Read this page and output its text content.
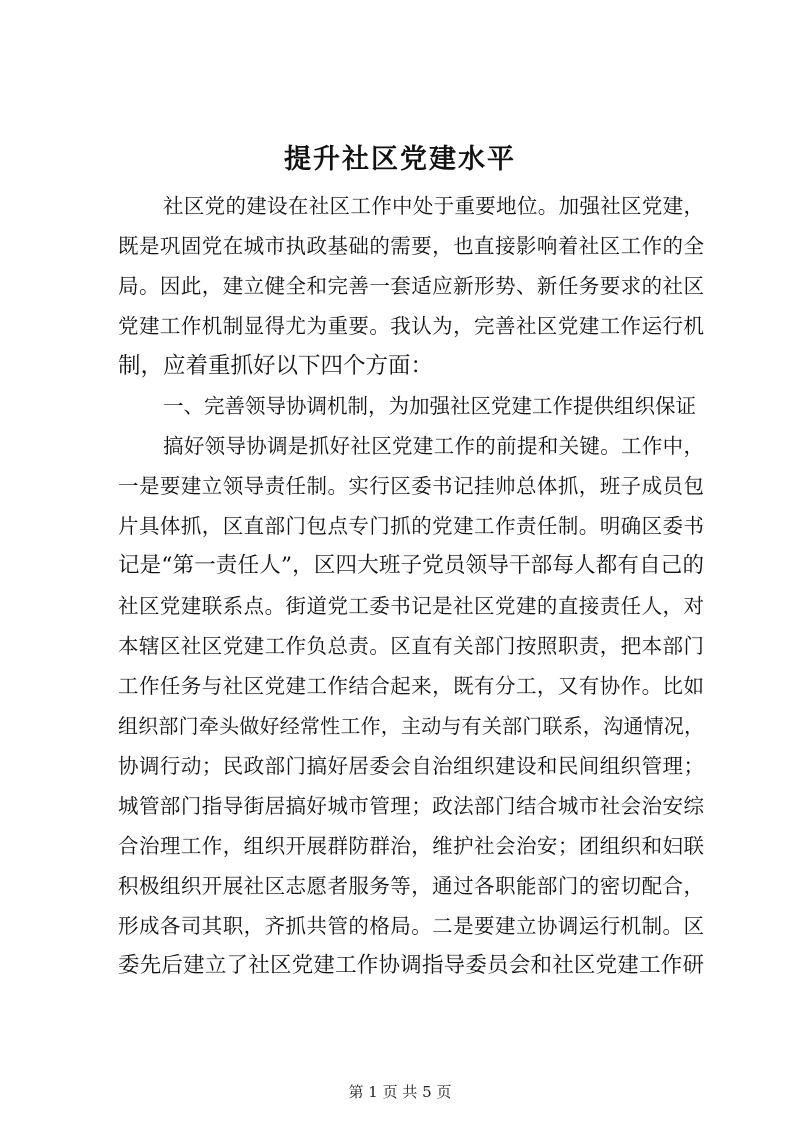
提升社区党建水平
社区党的建设在社区工作中处于重要地位。加强社区党建，
既是巩固党在城市执政基础的需要，也直接影响着社区工作的全
局。因此，建立健全和完善一套适应新形势、新任务要求的社区
党建工作机制显得尤为重要。我认为，完善社区党建工作运行机
制，应着重抓好以下四个方面：
一、完善领导协调机制，为加强社区党建工作提供组织保证
搞好领导协调是抓好社区党建工作的前提和关键。工作中，
一是要建立领导责任制。实行区委书记挂帅总体抓，班子成员包
片具体抓，区直部门包点专门抓的党建工作责任制。明确区委书
记是“第一责任人”，区四大班子党员领导干部每人都有自己的
社区党建联系点。街道党工委书记是社区党建的直接责任人，对
本辖区社区党建工作负总责。区直有关部门按照职责，把本部门
工作任务与社区党建工作结合起来，既有分工，又有协作。比如
组织部门牵头做好经常性工作，主动与有关部门联系，沟通情况，
协调行动；民政部门搞好居委会自治组织建设和民间组织管理；
城管部门指导街居搞好城市管理；政法部门结合城市社会治安综
合治理工作，组织开展群防群治，维护社会治安；团组织和妇联
积极组织开展社区志愿者服务等，通过各职能部门的密切配合，
形成各司其职，齐抓共管的格局。二是要建立协调运行机制。区
委先后建立了社区党建工作协调指导委员会和社区党建工作研
第 1 页 共 5 页
